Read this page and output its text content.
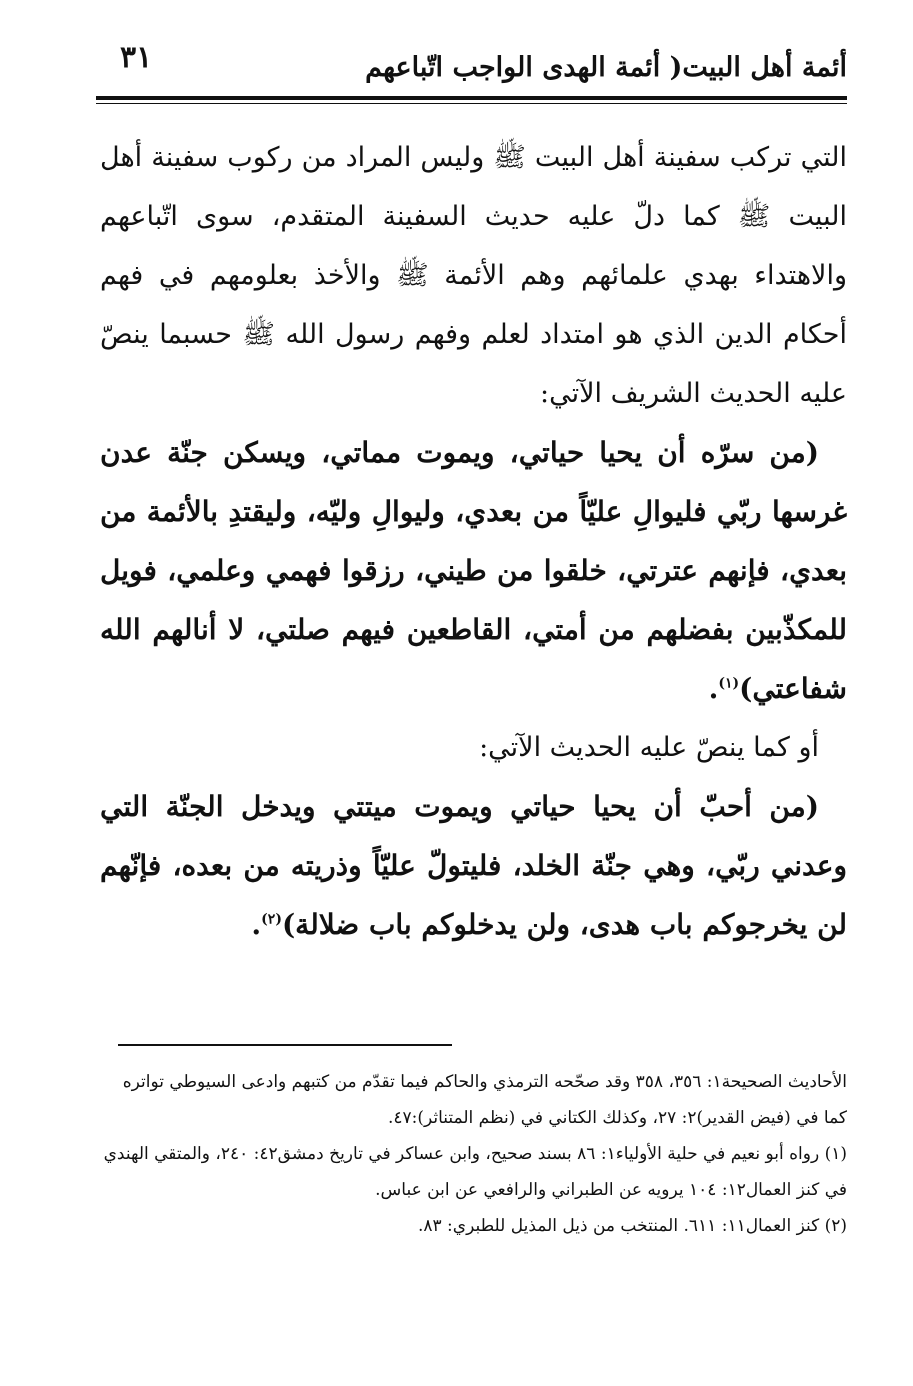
أئمة أهل البيت( أئمة الهدى الواجب اتّباعهم
٣١

التي تركب سفينة أهل البيت ﷺ وليس المراد من ركوب سفينة أهل البيت ﷺ كما دلّ عليه حديث السفينة المتقدم، سوى اتّباعهم والاهتداء بهدي علمائهم وهم الأئمة ﷺ والأخذ بعلومهم في فهم أحكام الدين الذي هو امتداد لعلم وفهم رسول الله ﷺ حسبما ينصّ عليه الحديث الشريف الآتي:

(من سرّه أن يحيا حياتي، ويموت مماتي، ويسكن جنّة عدن غرسها ربّي فليوالِ عليّاً من بعدي، وليوالِ وليّه، وليقتدِ بالأئمة من بعدي، فإنهم عترتي، خلقوا من طيني، رزقوا فهمي وعلمي، فويل للمكذّبين بفضلهم من أمتي، القاطعين فيهم صلتي، لا أنالهم الله شفاعتي)$^{(١)}$.

أو كما ينصّ عليه الحديث الآتي:

(من أحبّ أن يحيا حياتي ويموت ميتتي ويدخل الجنّة التي وعدني ربّي، وهي جنّة الخلد، فليتولّ عليّاً وذريته من بعده، فإنّهم لن يخرجوكم باب هدى، ولن يدخلوكم باب ضلالة)$^{(٢)}$.

الأحاديث الصحيحة١: ٣٥٦، ٣٥٨ وقد صحّحه الترمذي والحاكم فيما تقدّم من كتبهم وادعى السيوطي تواتره كما في (فيض القدير)٢: ٢٧، وكذلك الكتاني في (نظم المتناثر):٤٧.

(١) رواه أبو نعيم في حلية الأولياء١: ٨٦ بسند صحيح، وابن عساكر في تاريخ دمشق٤٢: ٢٤٠، والمتقي الهندي في كنز العمال١٢: ١٠٤ يرويه عن الطبراني والرافعي عن ابن عباس.

(٢) كنز العمال١١: ٦١١. المنتخب من ذيل المذيل للطبري: ٨٣.
